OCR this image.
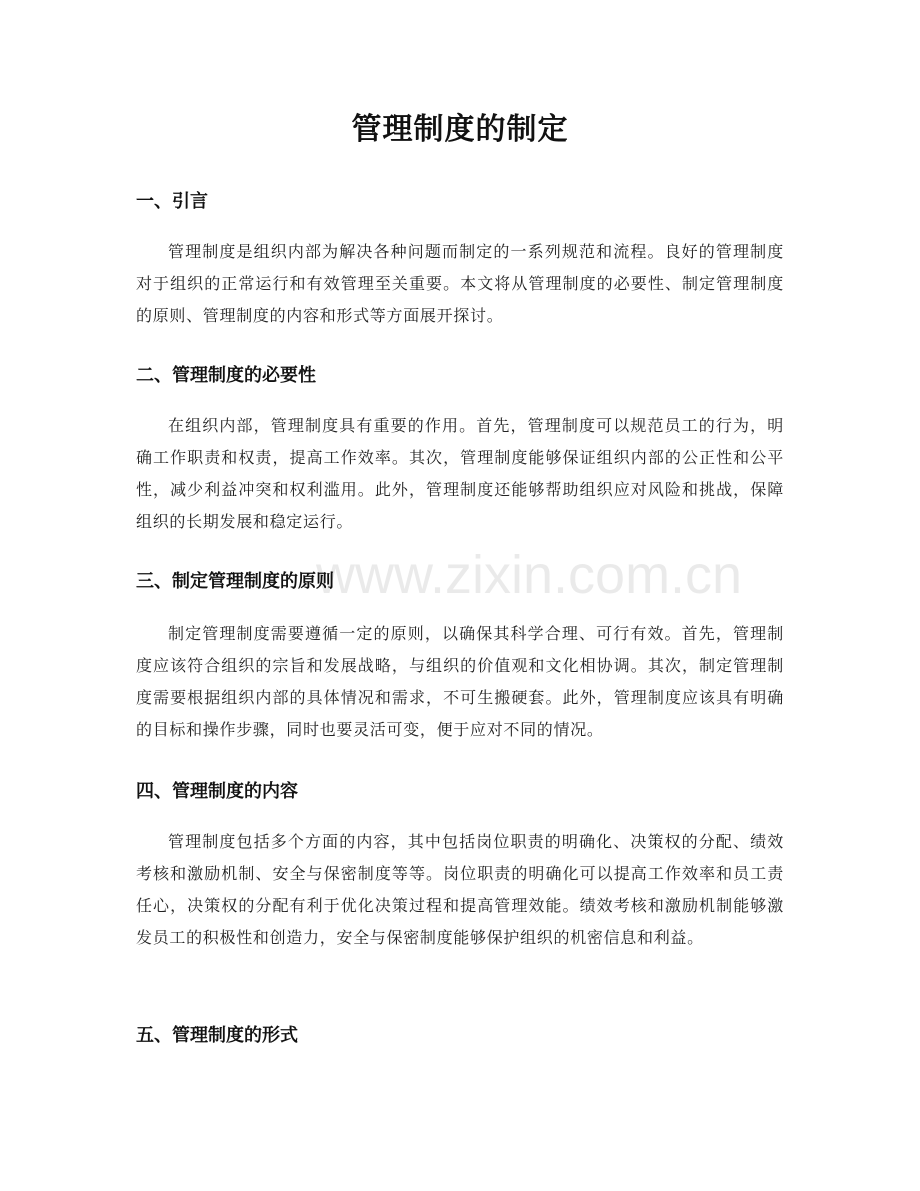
管理制度的制定
一、引言
管理制度是组织内部为解决各种问题而制定的一系列规范和流程。良好的管理制度对于组织的正常运行和有效管理至关重要。本文将从管理制度的必要性、制定管理制度的原则、管理制度的内容和形式等方面展开探讨。
二、管理制度的必要性
在组织内部，管理制度具有重要的作用。首先，管理制度可以规范员工的行为，明确工作职责和权责，提高工作效率。其次，管理制度能够保证组织内部的公正性和公平性，减少利益冲突和权利滥用。此外，管理制度还能够帮助组织应对风险和挑战，保障组织的长期发展和稳定运行。
三、制定管理制度的原则
制定管理制度需要遵循一定的原则，以确保其科学合理、可行有效。首先，管理制度应该符合组织的宗旨和发展战略，与组织的价值观和文化相协调。其次，制定管理制度需要根据组织内部的具体情况和需求，不可生搬硬套。此外，管理制度应该具有明确的目标和操作步骤，同时也要灵活可变，便于应对不同的情况。
四、管理制度的内容
管理制度包括多个方面的内容，其中包括岗位职责的明确化、决策权的分配、绩效考核和激励机制、安全与保密制度等等。岗位职责的明确化可以提高工作效率和员工责任心，决策权的分配有利于优化决策过程和提高管理效能。绩效考核和激励机制能够激发员工的积极性和创造力，安全与保密制度能够保护组织的机密信息和利益。
五、管理制度的形式
www.zixin.com.cn
